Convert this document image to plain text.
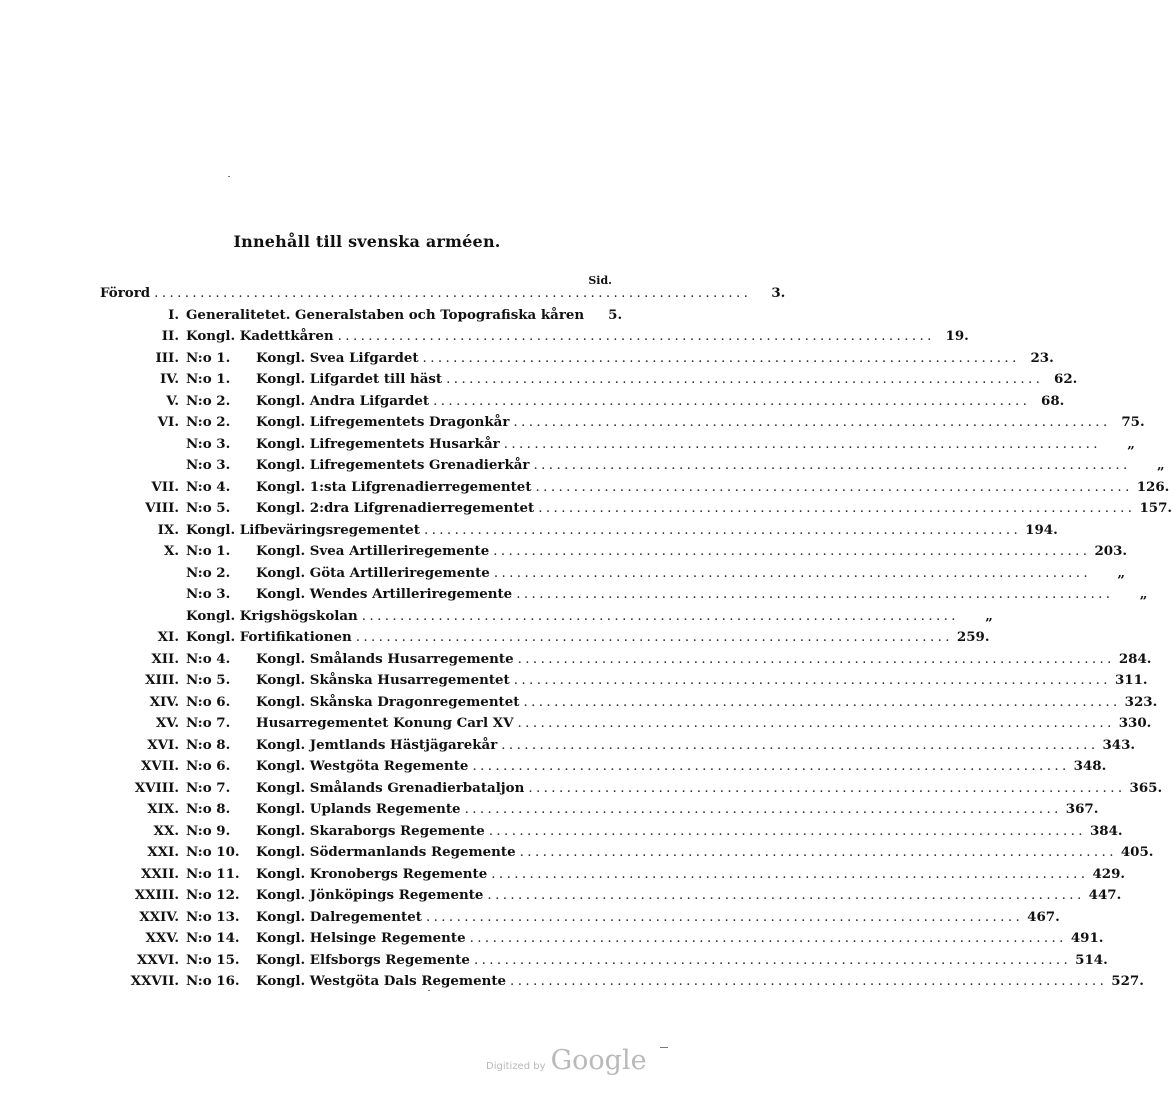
Innehåll till svenska arméen.
Sid.
Förord ..............................................................................	3.
I. Generalitetet. Generalstaben och Topografiska kåren	5.
II. Kongl. Kadettkåren .............................................................................. 19.
III. N:o 1.	Kongl. Svea Lifgardet .............................................................................. 23.
IV. N:o 1.	Kongl. Lifgardet till häst .............................................................................. 62.
V. N:o 2.	Kongl. Andra Lifgardet .............................................................................. 68.
VI. N:o 2.	Kongl. Lifregementets Dragonkår .............................................................................. 75.
N:o 3.	Kongl. Lifregementets Husarkår ..............................................................................	„
N:o 3.	Kongl. Lifregementets Grenadierkår ..............................................................................	„
VII. N:o 4.	Kongl. 1:sta Lifgrenadierregementet .............................................................................. 126.
VIII. N:o 5.	Kongl. 2:dra Lifgrenadierregementet .............................................................................. 157.
IX. Kongl. Lifbeväringsregementet .............................................................................. 194.
X. N:o 1.	Kongl. Svea Artilleriregemente .............................................................................. 203.
N:o 2.	Kongl. Göta Artilleriregemente ..............................................................................	„
N:o 3.	Kongl. Wendes Artilleriregemente ..............................................................................	„
Kongl. Krigshögskolan ..............................................................................	„
XI. Kongl. Fortifikationen .............................................................................. 259.
XII. N:o 4.	Kongl. Smålands Husarregemente .............................................................................. 284.
XIII. N:o 5.	Kongl. Skånska Husarregementet .............................................................................. 311.
XIV. N:o 6.	Kongl. Skånska Dragonregementet .............................................................................. 323.
XV. N:o 7.	Husarregementet Konung Carl XV .............................................................................. 330.
XVI. N:o 8.	Kongl. Jemtlands Hästjägarekår .............................................................................. 343.
XVII. N:o 6.	Kongl. Westgöta Regemente .............................................................................. 348.
XVIII. N:o 7.	Kongl. Smålands Grenadierbataljon .............................................................................. 365.
XIX. N:o 8.	Kongl. Uplands Regemente .............................................................................. 367.
XX. N:o 9.	Kongl. Skaraborgs Regemente .............................................................................. 384.
XXI. N:o 10.	Kongl. Södermanlands Regemente .............................................................................. 405.
XXII. N:o 11.	Kongl. Kronobergs Regemente .............................................................................. 429.
XXIII. N:o 12.	Kongl. Jönköpings Regemente .............................................................................. 447.
XXIV. N:o 13.	Kongl. Dalregementet .............................................................................. 467.
XXV. N:o 14.	Kongl. Helsinge Regemente .............................................................................. 491.
XXVI. N:o 15.	Kongl. Elfsborgs Regemente .............................................................................. 514.
XXVII. N:o 16.	Kongl. Westgöta Dals Regemente .............................................................................. 527.
Digitized by Google
